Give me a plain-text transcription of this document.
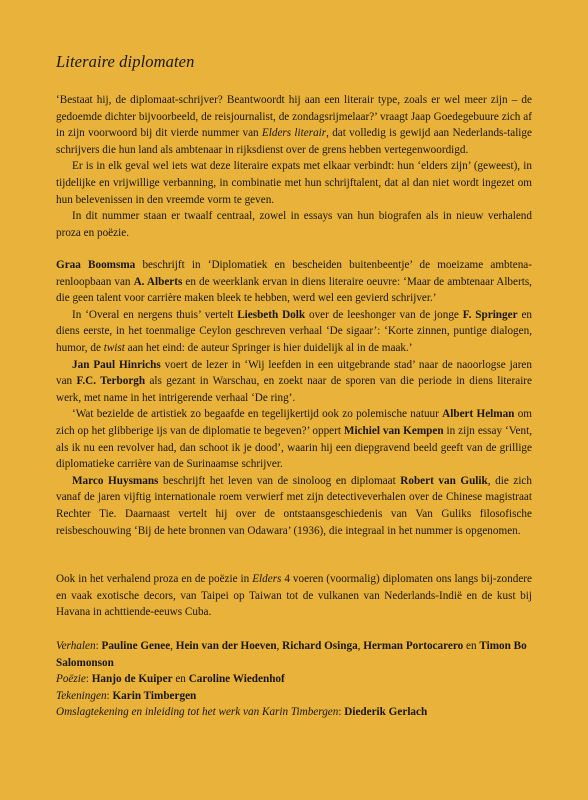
Literaire diplomaten

‘Bestaat hij, de diplomaat-schrijver? Beantwoordt hij aan een literair type, zoals er wel meer zijn – de gedoemde dichter bijvoorbeeld, de reisjournalist, de zondagsrijmelaar?’ vraagt Jaap Goedegebuure zich af in zijn voorwoord bij dit vierde nummer van Elders literair, dat volledig is gewijd aan Nederlands-talige schrijvers die hun land als ambtenaar in rijksdienst over de grens hebben vertegenwoordigd.

Er is in elk geval wel iets wat deze literaire expats met elkaar verbindt: hun ‘elders zijn’ (geweest), in tijdelijke en vrijwillige verbanning, in combinatie met hun schrijftalent, dat al dan niet wordt ingezet om hun belevenissen in den vreemde vorm te geven.

In dit nummer staan er twaalf centraal, zowel in essays van hun biografen als in nieuw verhalend proza en poëzie.

Graa Boomsma beschrijft in ‘Diplomatiek en bescheiden buitenbeentje’ de moeizame ambtena-renloopbaan van A. Alberts en de weerklank ervan in diens literaire oeuvre: ‘Maar de ambtenaar Alberts, die geen talent voor carrière maken bleek te hebben, werd wel een gevierd schrijver.’

In ‘Overal en nergens thuis’ vertelt Liesbeth Dolk over de leeshonger van de jonge F. Springer en diens eerste, in het toenmalige Ceylon geschreven verhaal ‘De sigaar’: ‘Korte zinnen, puntige dialogen, humor, de twist aan het eind: de auteur Springer is hier duidelijk al in de maak.’

Jan Paul Hinrichs voert de lezer in ‘Wij leefden in een uitgebrande stad’ naar de naoorlogse jaren van F.C. Terborgh als gezant in Warschau, en zoekt naar de sporen van die periode in diens literaire werk, met name in het intrigerende verhaal ‘De ring’.

‘Wat bezielde de artistiek zo begaafde en tegelijkertijd ook zo polemische natuur Albert Helman om zich op het glibberige ijs van de diplomatie te begeven?’ oppert Michiel van Kempen in zijn essay ‘Vent, als ik nu een revolver had, dan schoot ik je dood’, waarin hij een diepgravend beeld geeft van de grillige diplomatieke carrière van de Surinaamse schrijver.

Marco Huysmans beschrijft het leven van de sinoloog en diplomaat Robert van Gulik, die zich vanaf de jaren vijftig internationale roem verwierf met zijn detectiveverhalen over de Chinese magistraat Rechter Tie. Daarnaast vertelt hij over de ontstaansgeschiedenis van Van Guliks filosofische reisbeschouwing ‘Bij de hete bronnen van Odawara’ (1936), die integraal in het nummer is opgenomen.

Ook in het verhalend proza en de poëzie in Elders 4 voeren (voormalig) diplomaten ons langs bij-zondere en vaak exotische decors, van Taipei op Taiwan tot de vulkanen van Nederlands-Indië en de kust bij Havana in achttiende-eeuws Cuba.

Verhalen: Pauline Genee, Hein van der Hoeven, Richard Osinga, Herman Portocarero en Timon Bo Salomonson

Poëzie: Hanjo de Kuiper en Caroline Wiedenhof

Tekeningen: Karin Timbergen

Omslagtekening en inleiding tot het werk van Karin Timbergen: Diederik Gerlach
